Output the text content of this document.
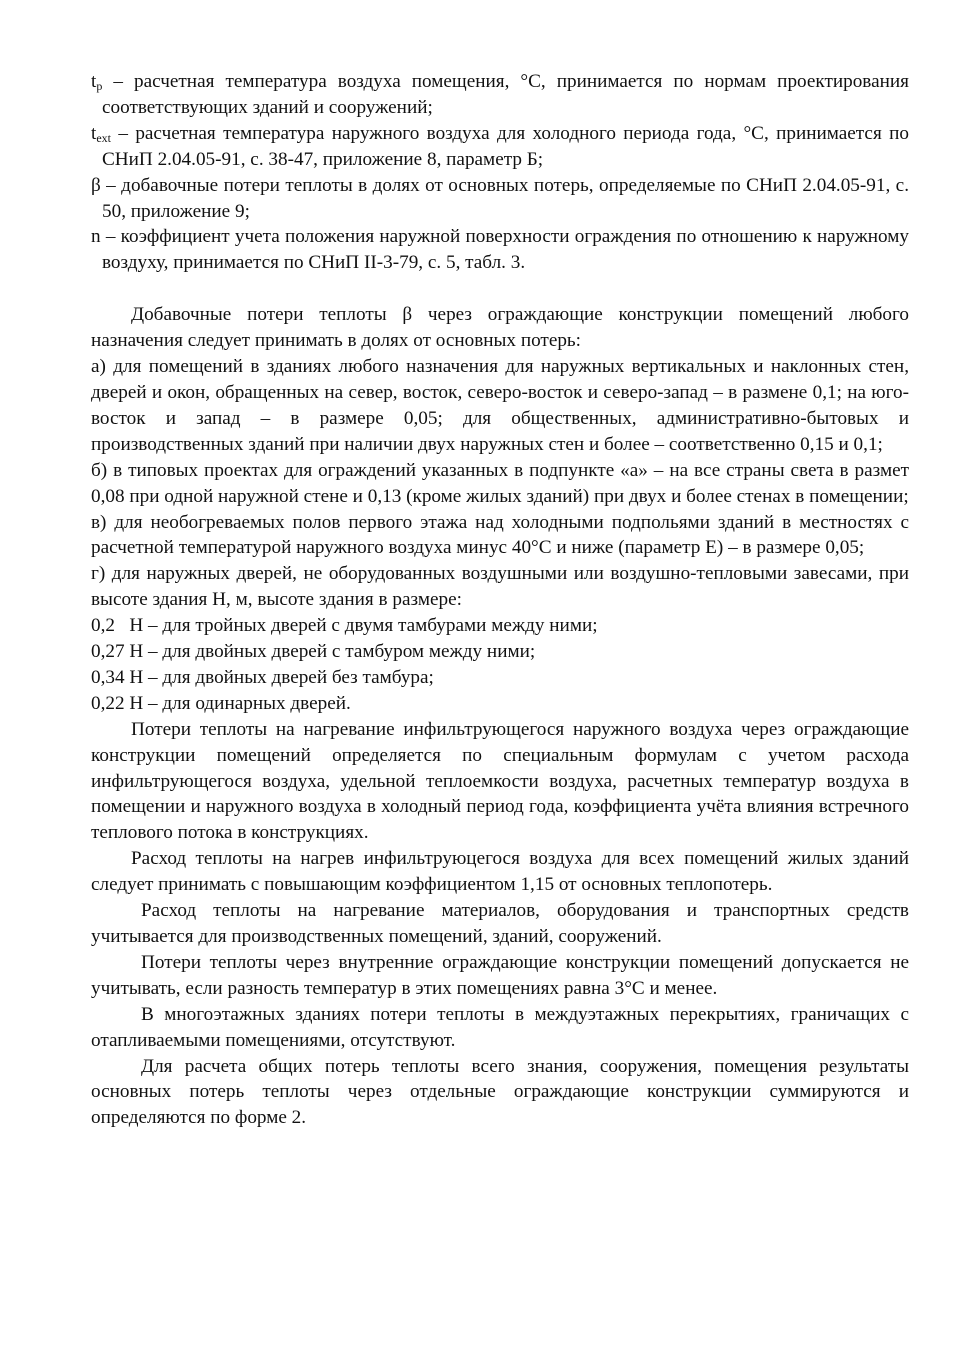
$t_р$ – расчетная температура воздуха помещения, °С, принимается по нормам проектирования соответствующих зданий и сооружений;

$t_{ext}$ – расчетная температура наружного воздуха для холодного периода года, °С, принимается по СНиП 2.04.05-91, с. 38-47, приложение 8, параметр Б;

β – добавочные потери теплоты в долях от основных потерь, определяемые по СНиП 2.04.05-91, с. 50, приложение 9;

n – коэффициент учета положения наружной поверхности ограждения по отношению к наружному воздуху, принимается по СНиП II-3-79, с. 5, табл. 3.

Добавочные потери теплоты β через ограждающие конструкции помещений любого назначения следует принимать в долях от основных потерь:

а) для помещений в зданиях любого назначения для наружных вертикальных и наклонных стен, дверей и окон, обращенных на север, восток, северо-восток и северо-запад – в размене 0,1; на юго-восток и запад – в размере 0,05; для общественных, административно-бытовых и производственных зданий при наличии двух наружных стен и более – соответственно 0,15 и 0,1;

б) в типовых проектах для ограждений указанных в подпункте «а» – на все страны света в размет 0,08 при одной наружной стене и 0,13 (кроме жилых зданий) при двух и более стенах в помещении;

в) для необогреваемых полов первого этажа над холодными подпольями зданий в местностях с расчетной температурой наружного воздуха минус 40°С и ниже (параметр Е) – в размере 0,05;

г) для наружных дверей, не оборудованных воздушными или воздушно-тепловыми завесами, при высоте здания Н, м, высоте здания в размере:

0,2   Н – для тройных дверей с двумя тамбурами между ними;

0,27 Н – для двойных дверей с тамбуром между ними;

0,34 Н – для двойных дверей без тамбура;

0,22 Н – для одинарных дверей.

Потери теплоты на нагревание инфильтрующегося наружного воздуха через ограждающие конструкции помещений определяется по специальным формулам с учетом расхода инфильтрующегося воздуха, удельной теплоемкости воздуха, расчетных температур воздуха в помещении и наружного воздуха в холодный период года, коэффициента учёта влияния встречного теплового потока в конструкциях.

Расход теплоты на нагрев инфильтруюцегося воздуха для всех помещений жилых зданий следует принимать с повышающим коэффициентом 1,15 от основных теплопотерь.

Расход теплоты на нагревание материалов, оборудования и транспортных средств учитывается для производственных помещений, зданий, сооружений.

Потери теплоты через внутренние ограждающие конструкции помещений допускается не учитывать, если разность температур в этих помещениях равна 3°С и менее.

В многоэтажных зданиях потери теплоты в междуэтажных перекрытиях, граничащих с отапливаемыми помещениями, отсутствуют.

Для расчета общих потерь теплоты всего знания, сооружения, помещения результаты основных потерь теплоты через отдельные ограждающие конструкции суммируются и определяются по форме 2.
